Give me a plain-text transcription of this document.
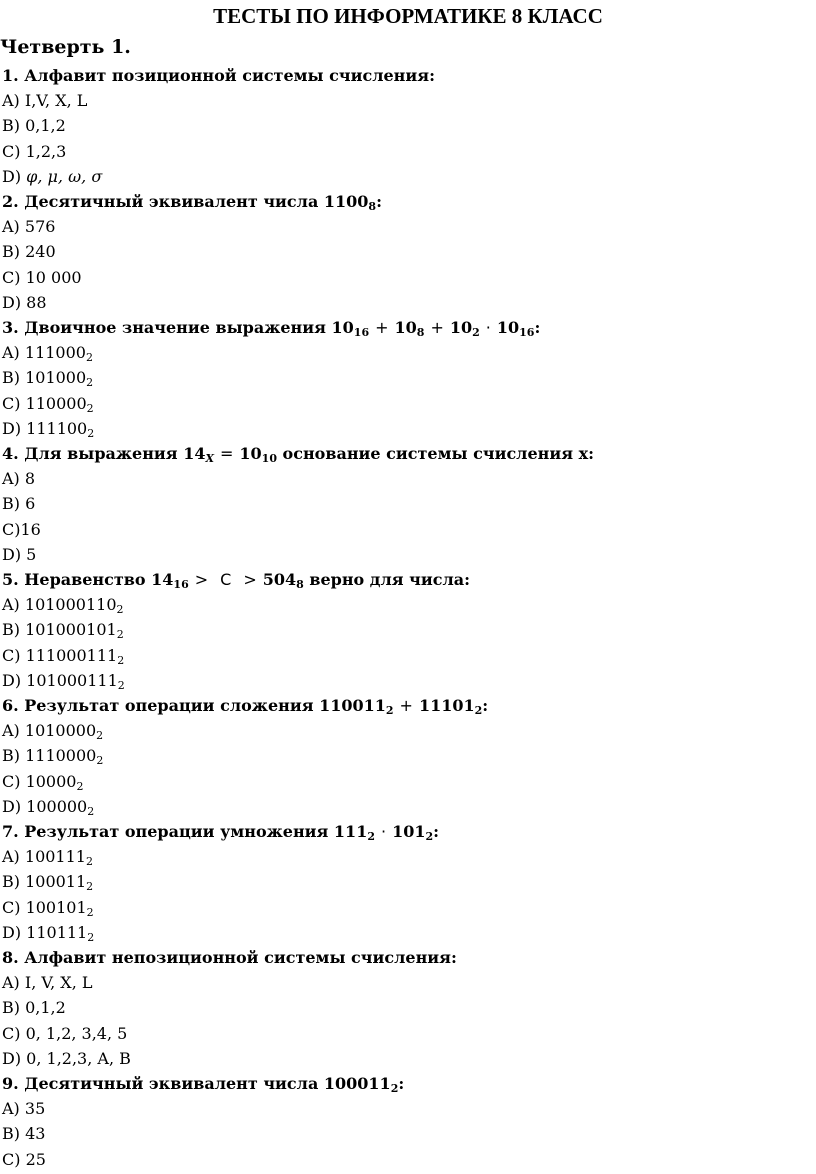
ТЕСТЫ ПО ИНФОРМАТИКЕ 8 КЛАСС
Четверть 1.
1. Алфавит позиционной системы счисления:
A) I,V, X, L
B) 0,1,2
C) 1,2,3
D) φ, μ, ω, σ
2. Десятичный эквивалент числа $1100_8$:
A) 576
B) 240
C) 10 000
D) 88
3. Двоичное значение выражения $10_{16} + 10_8 + 10_2 \cdot 10_{16}$:
A) $111000_2$
B) $101000_2$
C) $110000_2$
D) $111100_2$
4. Для выражения $14_X = 10_{10}$ основание системы счисления x:
A) 8
B) 6
C)16
D) 5
5. Неравенство $14_{16} > C > 504_8$ верно для числа:
A) $101000110_2$
B) $101000101_2$
C) $111000111_2$
D) $101000111_2$
6. Результат операции сложения $110011_2 + 11101_2$:
A) $1010000_2$
B) $1110000_2$
C) $10000_2$
D) $100000_2$
7. Результат операции умножения $111_2 \cdot 101_2$:
A) $100111_2$
B) $100011_2$
C) $100101_2$
D) $110111_2$
8. Алфавит непозиционной системы счисления:
A) I, V, X, L
B) 0,1,2
C) 0, 1,2, 3,4, 5
D) 0, 1,2,3, A, B
9. Десятичный эквивалент числа $100011_2$:
A) 35
B) 43
C) 25
